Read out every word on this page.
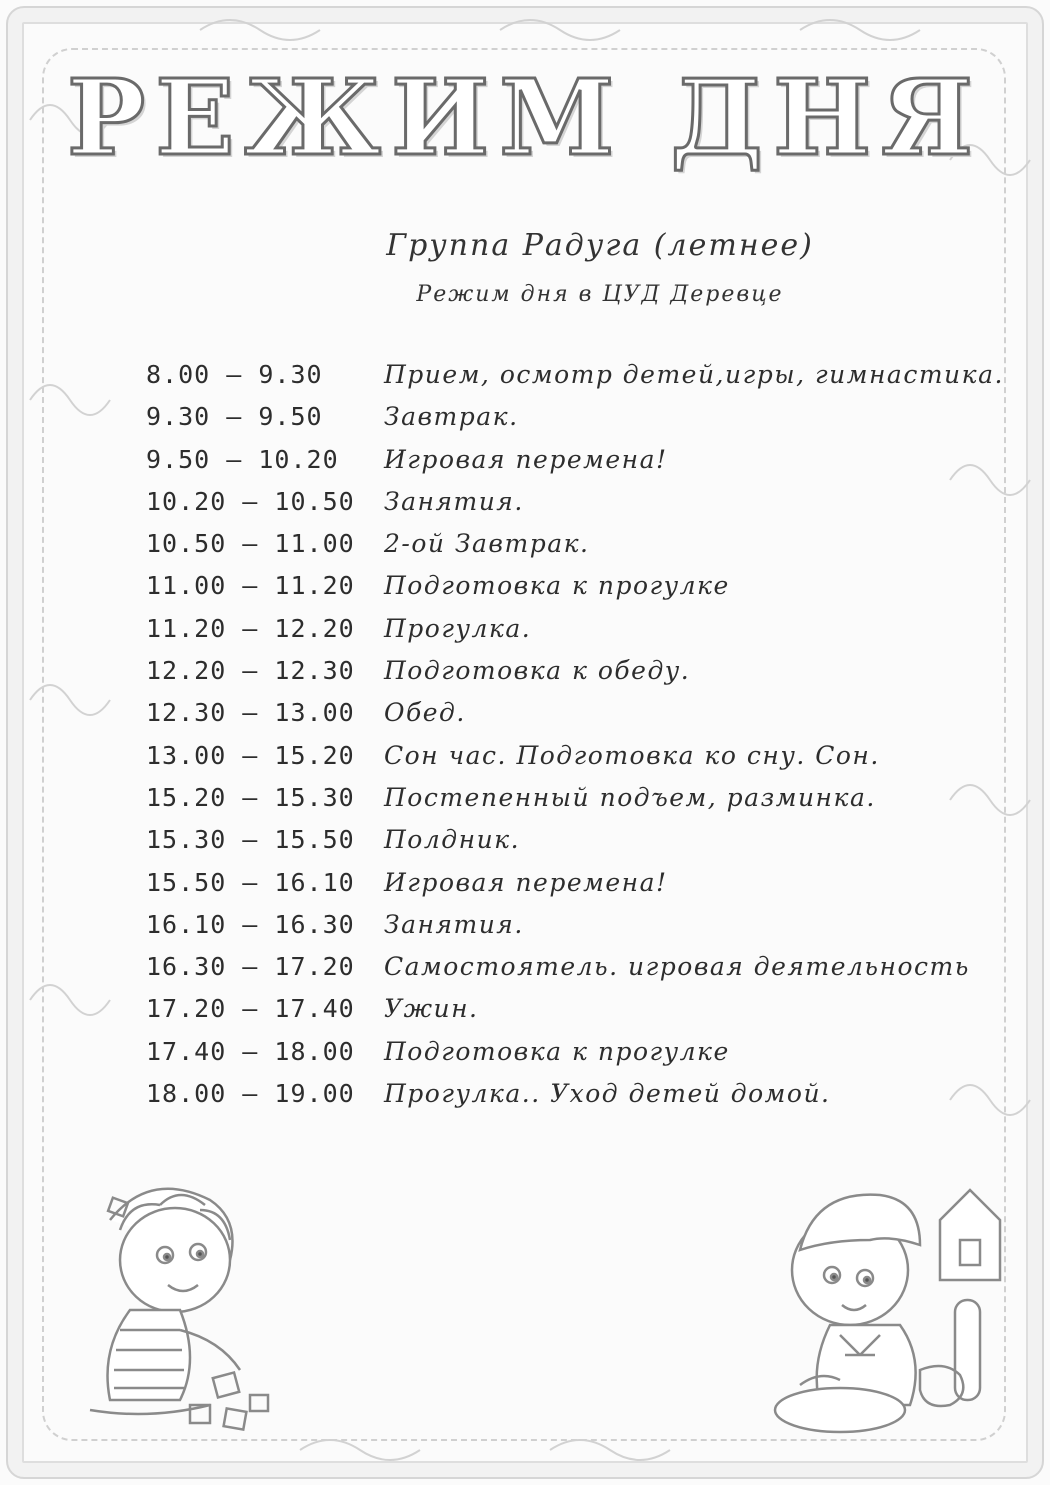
РЕЖИМ ДНЯ
Группа Радуга (летнее)
Режим дня в ЦУД Деревце
8.00 – 9.30	Прием, осмотр детей,игры, гимнастика.
9.30 – 9.50	Завтрак.
9.50 – 10.20	Игровая перемена!
10.20 – 10.50	Занятия.
10.50 – 11.00	2-ой Завтрак.
11.00 – 11.20	Подготовка к прогулке
11.20 – 12.20	Прогулка.
12.20 – 12.30	Подготовка к обеду.
12.30 – 13.00	Обед.
13.00 – 15.20	Сон час. Подготовка ко сну. Сон.
15.20 – 15.30	Постепенный подъем, разминка.
15.30 – 15.50	Полдник.
15.50 – 16.10	Игровая перемена!
16.10 – 16.30	Занятия.
16.30 – 17.20	Самостоятель. игровая деятельность
17.20 – 17.40	Ужин.
17.40 – 18.00	Подготовка к прогулке
18.00 – 19.00	Прогулка.. Уход детей домой.
